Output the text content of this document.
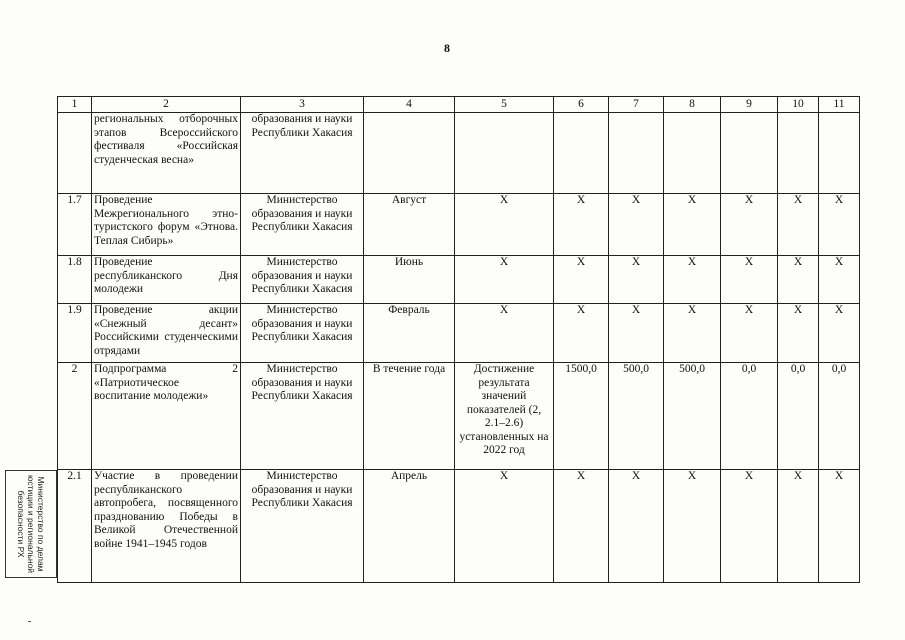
8
1	2	3	4	5	6	7	8	9	10	11
	региональных отборочных этапов Всероссийского фестиваля «Российская студенческая весна»	образования и науки Республики Хакасия								
1.7	Проведение Межрегионального этно-туристского форум «Этнова. Теплая Сибирь»	Министерство образования и науки Республики Хакасия	Август	X	X	X	X	X	X	X
1.8	Проведение республиканского Дня молодежи	Министерство образования и науки Республики Хакасия	Июнь	X	X	X	X	X	X	X
1.9	Проведение акции «Снежный десант» Российскими студенческими отрядами	Министерство образования и науки Республики Хакасия	Февраль	X	X	X	X	X	X	X
2	Подпрограмма 2 «Патриотическое воспитание молодежи»	Министерство образования и науки Республики Хакасия	В течение года	Достижение результата значений показателей (2, 2.1–2.6) установленных на 2022 год	1500,0	500,0	500,0	0,0	0,0	0,0
2.1	Участие в проведении республиканского автопробега, посвященного празднованию Победы в Великой Отечественной войне 1941–1945 годов	Министерство образования и науки Республики Хакасия	Апрель	X	X	X	X	X	X	X
Министерство по делам
юстиции и региональной
безопасности РХ
